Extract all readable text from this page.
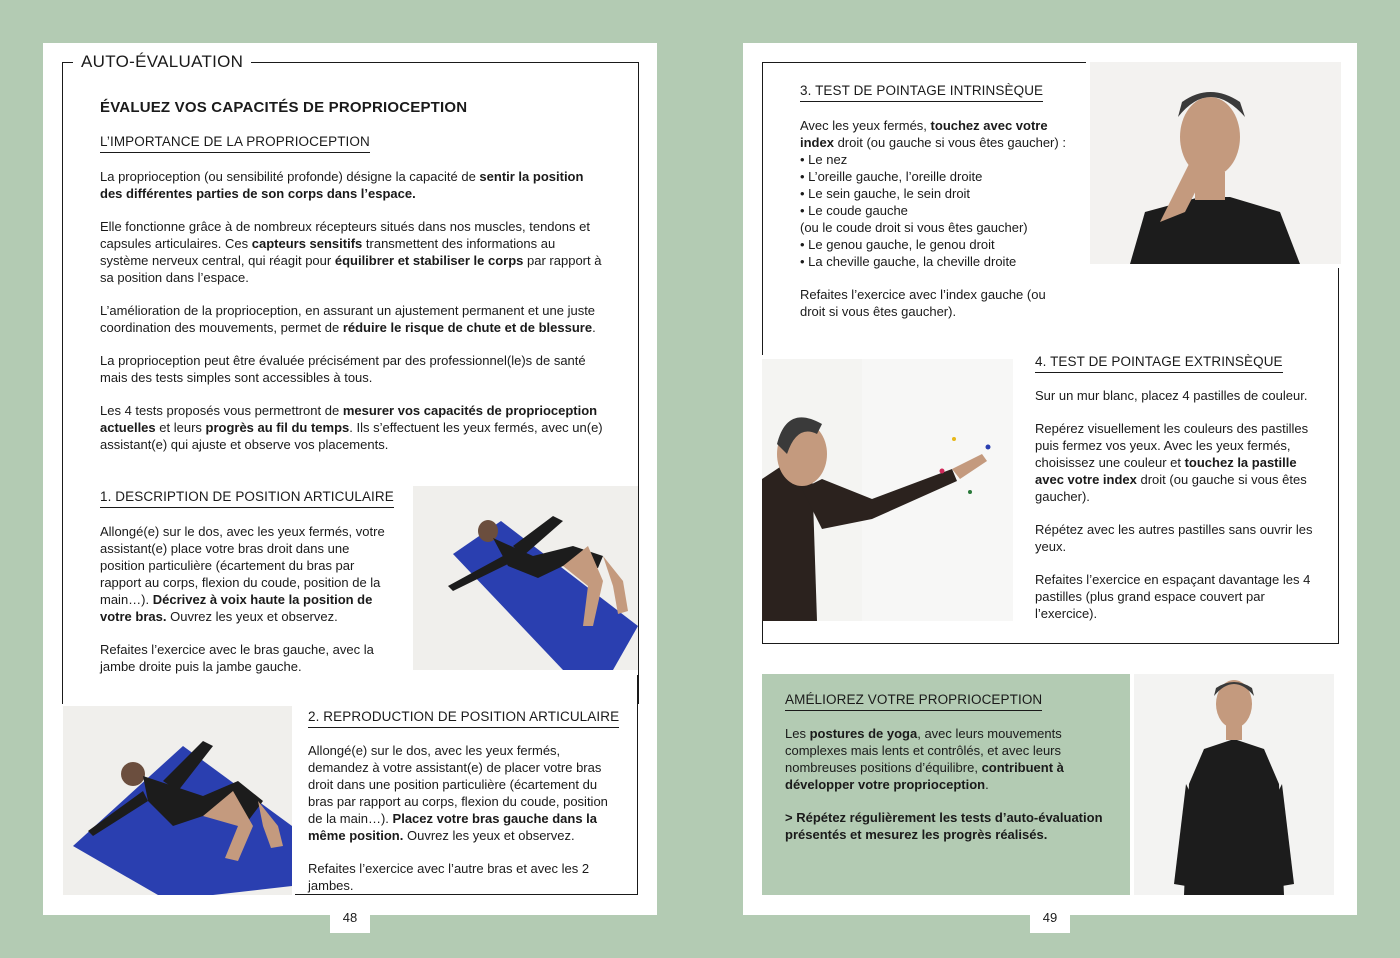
AUTO-ÉVALUATION
ÉVALUEZ VOS CAPACITÉS DE PROPRIOCEPTION
L’IMPORTANCE DE LA PROPRIOCEPTION

La proprioception (ou sensibilité profonde) désigne la capacité de sentir la position des différentes parties de son corps dans l’espace.

Elle fonctionne grâce à de nombreux récepteurs situés dans nos muscles, tendons et capsules articulaires. Ces capteurs sensitifs transmettent des informations au système nerveux central, qui réagit pour équilibrer et stabiliser le corps par rapport à sa position dans l’espace.

L’amélioration de la proprioception, en assurant un ajustement permanent et une juste coordination des mouvements, permet de réduire le risque de chute et de blessure.

La proprioception peut être évaluée précisément par des professionnel(le)s de santé mais des tests simples sont accessibles à tous.

Les 4 tests proposés vous permettront de mesurer vos capacités de proprioception actuelles et leurs progrès au fil du temps. Ils s’effectuent les yeux fermés, avec un(e) assistant(e) qui ajuste et observe vos placements.

1. DESCRIPTION DE POSITION ARTICULAIRE

Allongé(e) sur le dos, avec les yeux fermés, votre assistant(e) place votre bras droit dans une position particulière (écartement du bras par rapport au corps, flexion du coude, position de la main…). Décrivez à voix haute la position de votre bras. Ouvrez les yeux et observez.

Refaites l’exercice avec le bras gauche, avec la jambe droite puis la jambe gauche.

2. REPRODUCTION DE POSITION ARTICULAIRE

Allongé(e) sur le dos, avec les yeux fermés, demandez à votre assistant(e) de placer votre bras droit dans une position particulière (écartement du bras par rapport au corps, flexion du coude, position de la main…). Placez votre bras gauche dans la même position. Ouvrez les yeux et observez.

Refaites l’exercice avec l’autre bras et avec les 2 jambes.

48
3. TEST DE POINTAGE INTRINSÈQUE

Avec les yeux fermés, touchez avec votre index droit (ou gauche si vous êtes gaucher) :

• Le nez
• L’oreille gauche, l’oreille droite
• Le sein gauche, le sein droit
• Le coude gauche
(ou le coude droit si vous êtes gaucher)
• Le genou gauche, le genou droit
• La cheville gauche, la cheville droite

Refaites l’exercice avec l’index gauche (ou droit si vous êtes gaucher).

4. TEST DE POINTAGE EXTRINSÈQUE

Sur un mur blanc, placez 4 pastilles de couleur.

Repérez visuellement les couleurs des pastilles puis fermez vos yeux. Avec les yeux fermés, choisissez une couleur et touchez la pastille avec votre index droit (ou gauche si vous êtes gaucher).

Répétez avec les autres pastilles sans ouvrir les yeux.

Refaites l’exercice en espaçant davantage les 4 pastilles (plus grand espace couvert par l’exercice).

AMÉLIOREZ VOTRE PROPRIOCEPTION

Les postures de yoga, avec leurs mouvements complexes mais lents et contrôlés, et avec leurs nombreuses positions d’équilibre, contribuent à développer votre proprioception.

> Répétez régulièrement les tests d’auto-évaluation présentés et mesurez les progrès réalisés.

49
